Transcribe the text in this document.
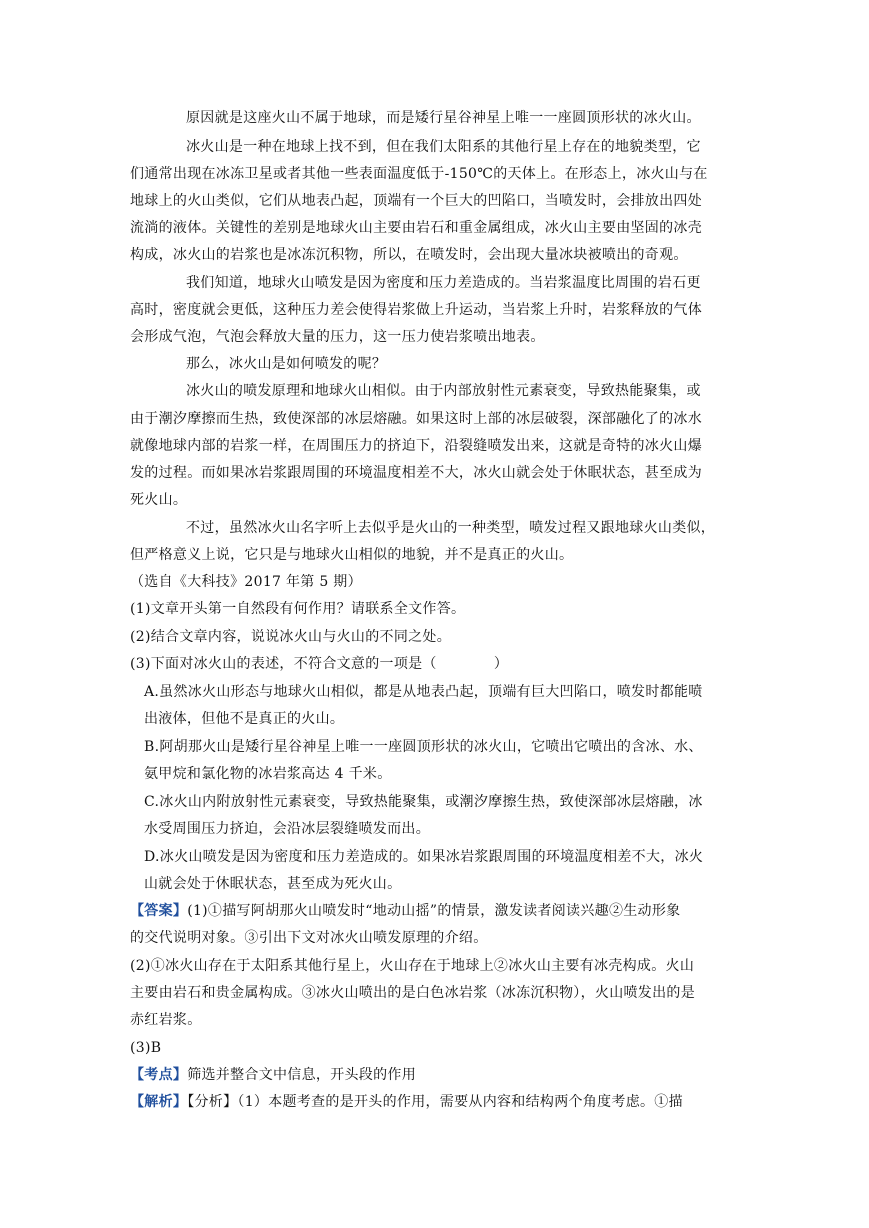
原因就是这座火山不属于地球，而是矮行星谷神星上唯一一座圆顶形状的冰火山。
冰火山是一种在地球上找不到，但在我们太阳系的其他行星上存在的地貌类型，它
们通常出现在冰冻卫星或者其他一些表面温度低于-150℃的天体上。在形态上，冰火山与在
地球上的火山类似，它们从地表凸起，顶端有一个巨大的凹陷口，当喷发时，会排放出四处
流淌的液体。关键性的差别是地球火山主要由岩石和重金属组成，冰火山主要由坚固的冰壳
构成，冰火山的岩浆也是冰冻沉积物，所以，在喷发时，会出现大量冰块被喷出的奇观。
我们知道，地球火山喷发是因为密度和压力差造成的。当岩浆温度比周围的岩石更
高时，密度就会更低，这种压力差会使得岩浆做上升运动，当岩浆上升时，岩浆释放的气体
会形成气泡，气泡会释放大量的压力，这一压力使岩浆喷出地表。
那么，冰火山是如何喷发的呢？
冰火山的喷发原理和地球火山相似。由于内部放射性元素衰变，导致热能聚集，或
由于潮汐摩擦而生热，致使深部的冰层熔融。如果这时上部的冰层破裂，深部融化了的冰水
就像地球内部的岩浆一样，在周围压力的挤迫下，沿裂缝喷发出来，这就是奇特的冰火山爆
发的过程。而如果冰岩浆跟周围的环境温度相差不大，冰火山就会处于休眠状态，甚至成为
死火山。
不过，虽然冰火山名字听上去似乎是火山的一种类型，喷发过程又跟地球火山类似，
但严格意义上说，它只是与地球火山相似的地貌，并不是真正的火山。
（选自《大科技》2017 年第 5 期）
(1)文章开头第一自然段有何作用？请联系全文作答。
(2)结合文章内容，说说冰火山与火山的不同之处。
(3)下面对冰火山的表述，不符合文意的一项是（　　　　）
A.虽然冰火山形态与地球火山相似，都是从地表凸起，顶端有巨大凹陷口，喷发时都能喷
出液体，但他不是真正的火山。
B.阿胡那火山是矮行星谷神星上唯一一座圆顶形状的冰火山，它喷出它喷出的含冰、水、
氨甲烷和氯化物的冰岩浆高达 4 千米。
C.冰火山内附放射性元素衰变，导致热能聚集，或潮汐摩擦生热，致使深部冰层熔融，冰
水受周围压力挤迫，会沿冰层裂缝喷发而出。
D.冰火山喷发是因为密度和压力差造成的。如果冰岩浆跟周围的环境温度相差不大，冰火
山就会处于休眠状态，甚至成为死火山。
【答案】(1)①描写阿胡那火山喷发时“地动山摇”的情景，激发读者阅读兴趣②生动形象
的交代说明对象。③引出下文对冰火山喷发原理的介绍。
(2)①冰火山存在于太阳系其他行星上，火山存在于地球上②冰火山主要有冰壳构成。火山
主要由岩石和贵金属构成。③冰火山喷出的是白色冰岩浆（冰冻沉积物），火山喷发出的是
赤红岩浆。
(3)B
【考点】筛选并整合文中信息，开头段的作用
【解析】【分析】（1）本题考查的是开头的作用，需要从内容和结构两个角度考虑。①描
